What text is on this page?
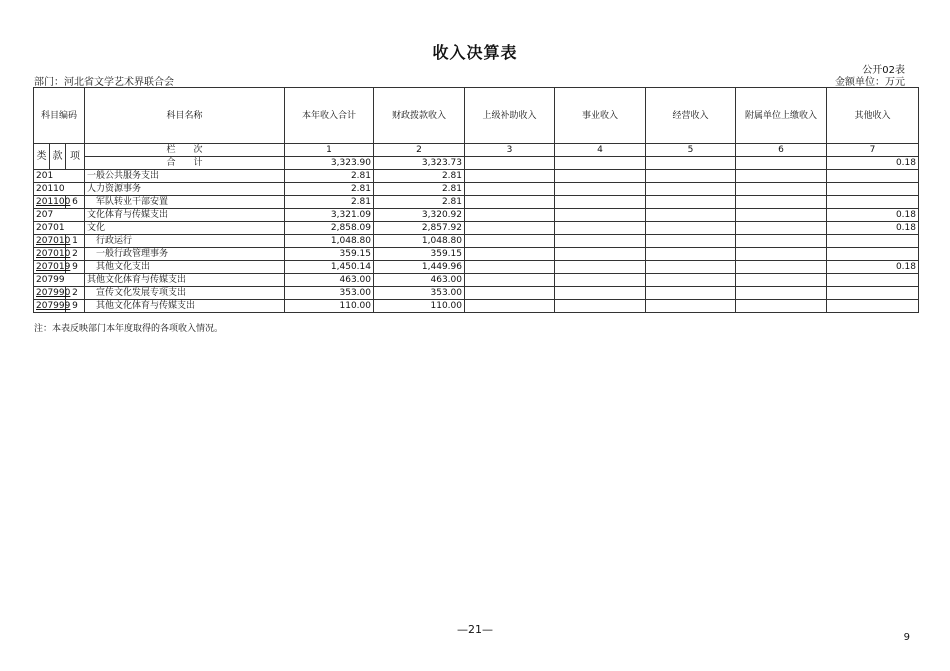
收入决算表
公开02表
部门：河北省文学艺术界联合会	金额单位：万元
科目编码			科目名称	本年收入合计	财政拨款收入	上级补助收入	事业收入	经营收入	附属单位上缴收入	其他收入
类	款	项	栏　　次	1	2	3	4	5	6	7
			合　　计	3,323.90	3,323.73					0.18
201			一般公共服务支出	2.81	2.81					
20110			人力资源事务	2.81	2.81					
201100		6	　军队转业干部安置	2.81	2.81					
207			文化体育与传媒支出	3,321.09	3,320.92					0.18
20701			文化	2,858.09	2,857.92					0.18
207010		1	　行政运行	1,048.80	1,048.80					
207010		2	　一般行政管理事务	359.15	359.15					
207019		9	　其他文化支出	1,450.14	1,449.96					0.18
20799			其他文化体育与传媒支出	463.00	463.00					
207990		2	　宣传文化发展专项支出	353.00	353.00					
207999		9	　其他文化体育与传媒支出	110.00	110.00					
注：本表反映部门本年度取得的各项收入情况。
—21—
9
